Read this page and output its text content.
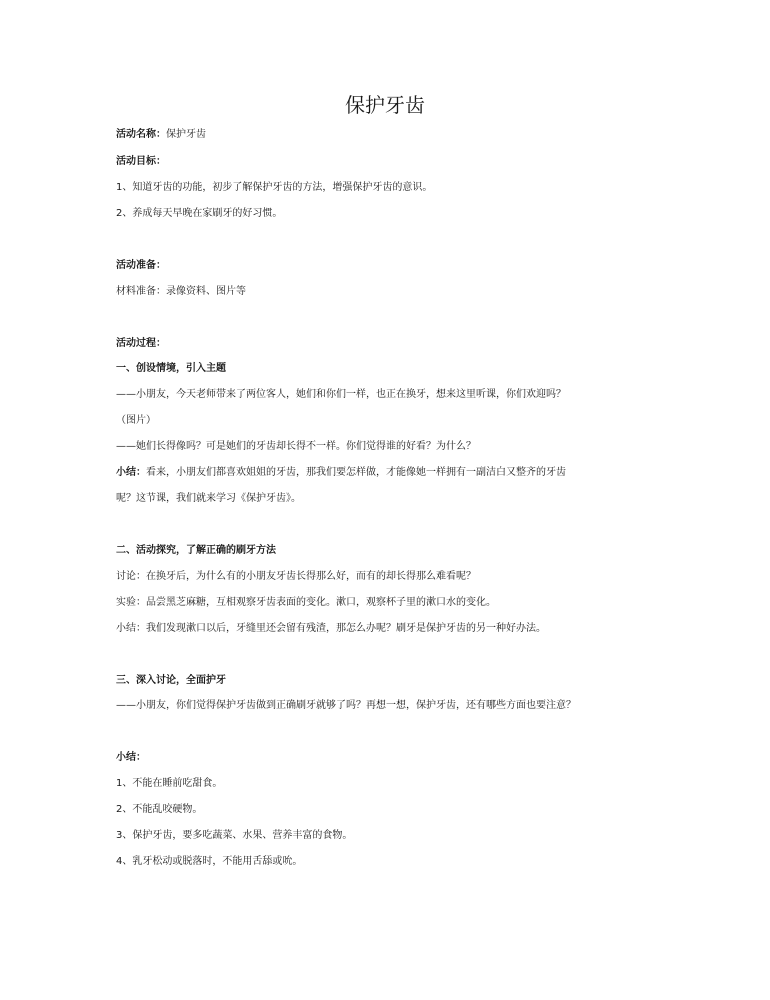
保护牙齿

活动名称：保护牙齿

活动目标：

1、知道牙齿的功能，初步了解保护牙齿的方法，增强保护牙齿的意识。

2、养成每天早晚在家刷牙的好习惯。

活动准备：

材料准备：录像资料、图片等

活动过程：

一、创设情境，引入主题

——小朋友，今天老师带来了两位客人，她们和你们一样，也正在换牙，想来这里听课，你们欢迎吗？

（图片）

——她们长得像吗？可是她们的牙齿却长得不一样。你们觉得谁的好看？为什么？

小结：看来，小朋友们都喜欢姐姐的牙齿，那我们要怎样做，才能像她一样拥有一副洁白又整齐的牙齿

呢？这节课，我们就来学习《保护牙齿》。

二、活动探究，了解正确的刷牙方法

讨论：在换牙后，为什么有的小朋友牙齿长得那么好，而有的却长得那么难看呢？

实验：品尝黑芝麻糖，互相观察牙齿表面的变化。漱口，观察杯子里的漱口水的变化。

小结：我们发现漱口以后，牙缝里还会留有残渣，那怎么办呢？刷牙是保护牙齿的另一种好办法。

三、深入讨论，全面护牙

——小朋友，你们觉得保护牙齿做到正确刷牙就够了吗？再想一想，保护牙齿，还有哪些方面也要注意？

小结：

1、不能在睡前吃甜食。

2、不能乱咬硬物。

3、保护牙齿，要多吃蔬菜、水果、营养丰富的食物。

4、乳牙松动或脱落时，不能用舌舔或吮。
